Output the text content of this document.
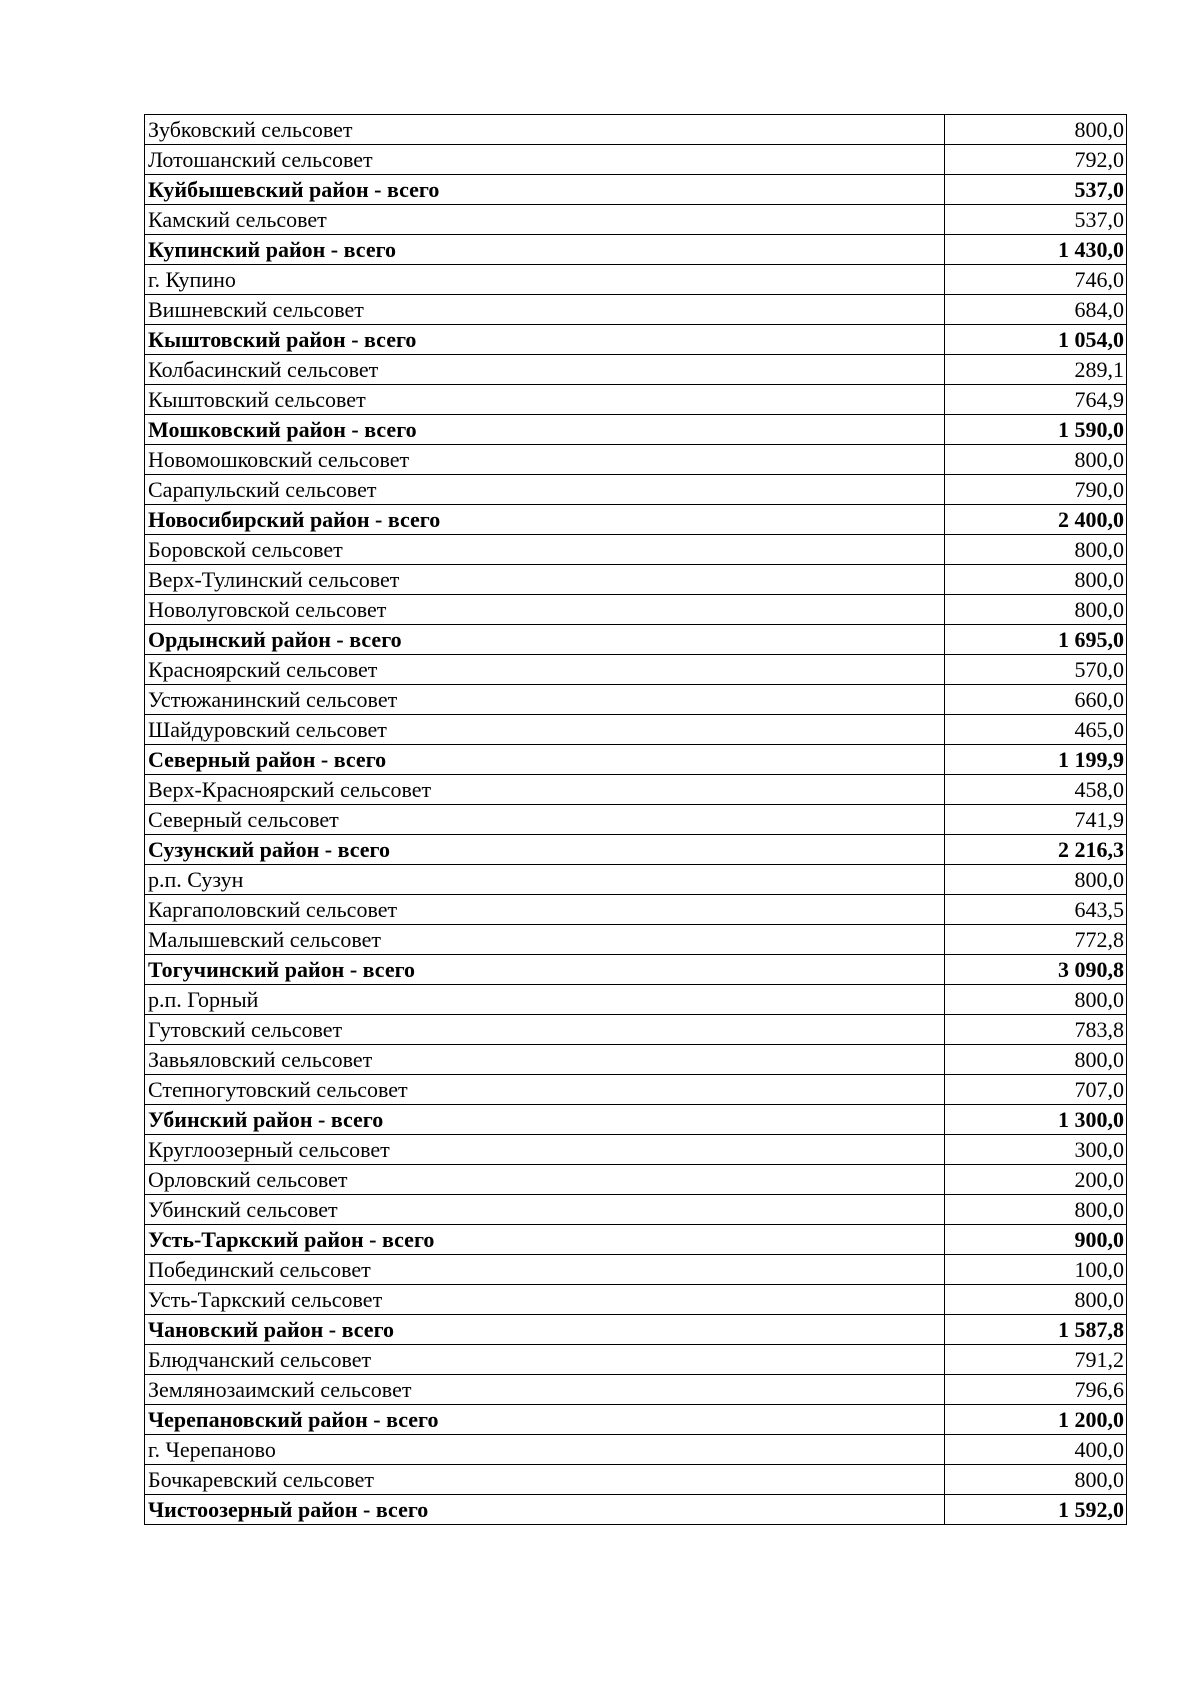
Зубковский сельсовет	800,0
Лотошанский сельсовет	792,0
Куйбышевский район - всего	537,0
Камский сельсовет	537,0
Купинский район - всего	1 430,0
г. Купино	746,0
Вишневский сельсовет	684,0
Кыштовский район - всего	1 054,0
Колбасинский сельсовет	289,1
Кыштовский сельсовет	764,9
Мошковский район - всего	1 590,0
Новомошковский сельсовет	800,0
Сарапульский сельсовет	790,0
Новосибирский район - всего	2 400,0
Боровской сельсовет	800,0
Верх-Тулинский сельсовет	800,0
Новолуговской сельсовет	800,0
Ордынский район - всего	1 695,0
Красноярский сельсовет	570,0
Устюжанинский сельсовет	660,0
Шайдуровский сельсовет	465,0
Северный район - всего	1 199,9
Верх-Красноярский сельсовет	458,0
Северный сельсовет	741,9
Сузунский район - всего	2 216,3
р.п. Сузун	800,0
Каргаполовский сельсовет	643,5
Малышевский сельсовет	772,8
Тогучинский район - всего	3 090,8
р.п. Горный	800,0
Гутовский сельсовет	783,8
Завьяловский сельсовет	800,0
Степногутовский сельсовет	707,0
Убинский район - всего	1 300,0
Круглоозерный сельсовет	300,0
Орловский сельсовет	200,0
Убинский сельсовет	800,0
Усть-Таркский район - всего	900,0
Побединский сельсовет	100,0
Усть-Таркский сельсовет	800,0
Чановский район - всего	1 587,8
Блюдчанский сельсовет	791,2
Землянозаимский сельсовет	796,6
Черепановский район - всего	1 200,0
г. Черепаново	400,0
Бочкаревский сельсовет	800,0
Чистоозерный район - всего	1 592,0
